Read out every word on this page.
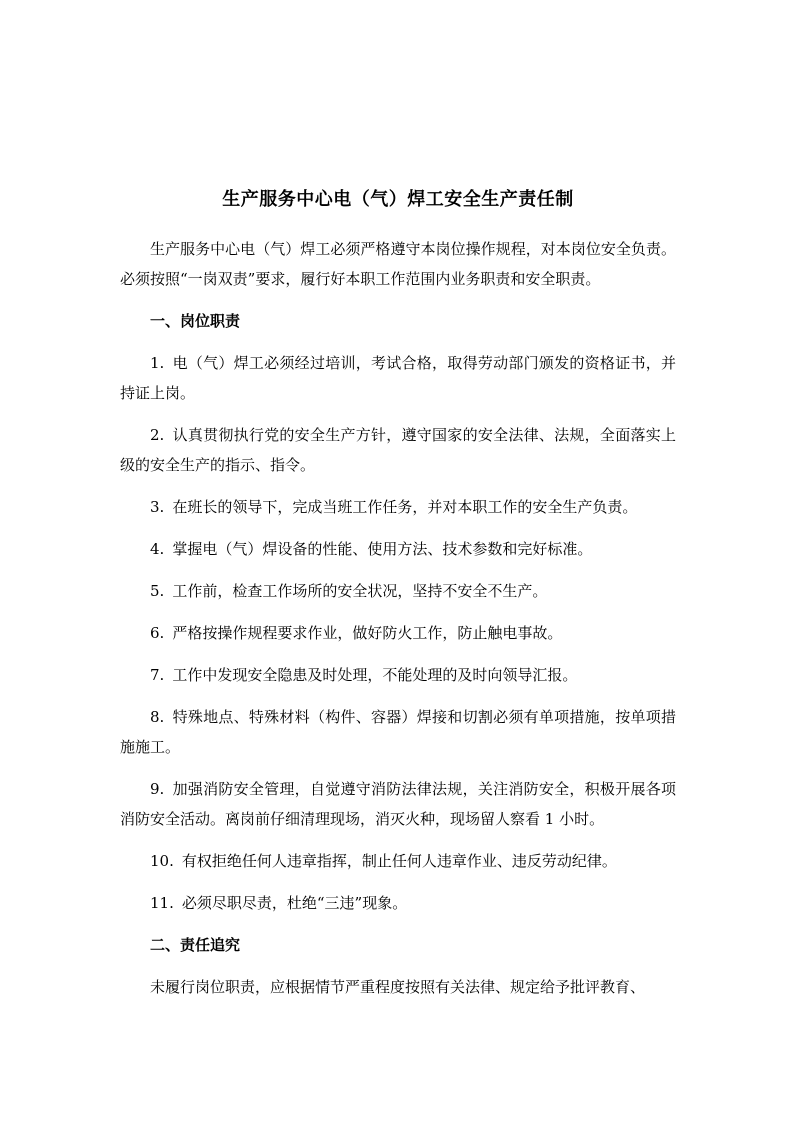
生产服务中心电（气）焊工安全生产责任制

生产服务中心电（气）焊工必须严格遵守本岗位操作规程，对本岗位安全负责。必须按照“一岗双责”要求，履行好本职工作范围内业务职责和安全职责。

一、岗位职责

1. 电（气）焊工必须经过培训，考试合格，取得劳动部门颁发的资格证书，并持证上岗。

2. 认真贯彻执行党的安全生产方针，遵守国家的安全法律、法规，全面落实上级的安全生产的指示、指令。

3. 在班长的领导下，完成当班工作任务，并对本职工作的安全生产负责。

4. 掌握电（气）焊设备的性能、使用方法、技术参数和完好标准。

5. 工作前，检查工作场所的安全状况，坚持不安全不生产。

6. 严格按操作规程要求作业，做好防火工作，防止触电事故。

7. 工作中发现安全隐患及时处理，不能处理的及时向领导汇报。

8. 特殊地点、特殊材料（构件、容器）焊接和切割必须有单项措施，按单项措施施工。

9. 加强消防安全管理，自觉遵守消防法律法规，关注消防安全，积极开展各项消防安全活动。离岗前仔细清理现场，消灭火种，现场留人察看 1 小时。

10. 有权拒绝任何人违章指挥，制止任何人违章作业、违反劳动纪律。

11. 必须尽职尽责，杜绝“三违”现象。

二、责任追究

未履行岗位职责，应根据情节严重程度按照有关法律、规定给予批评教育、
